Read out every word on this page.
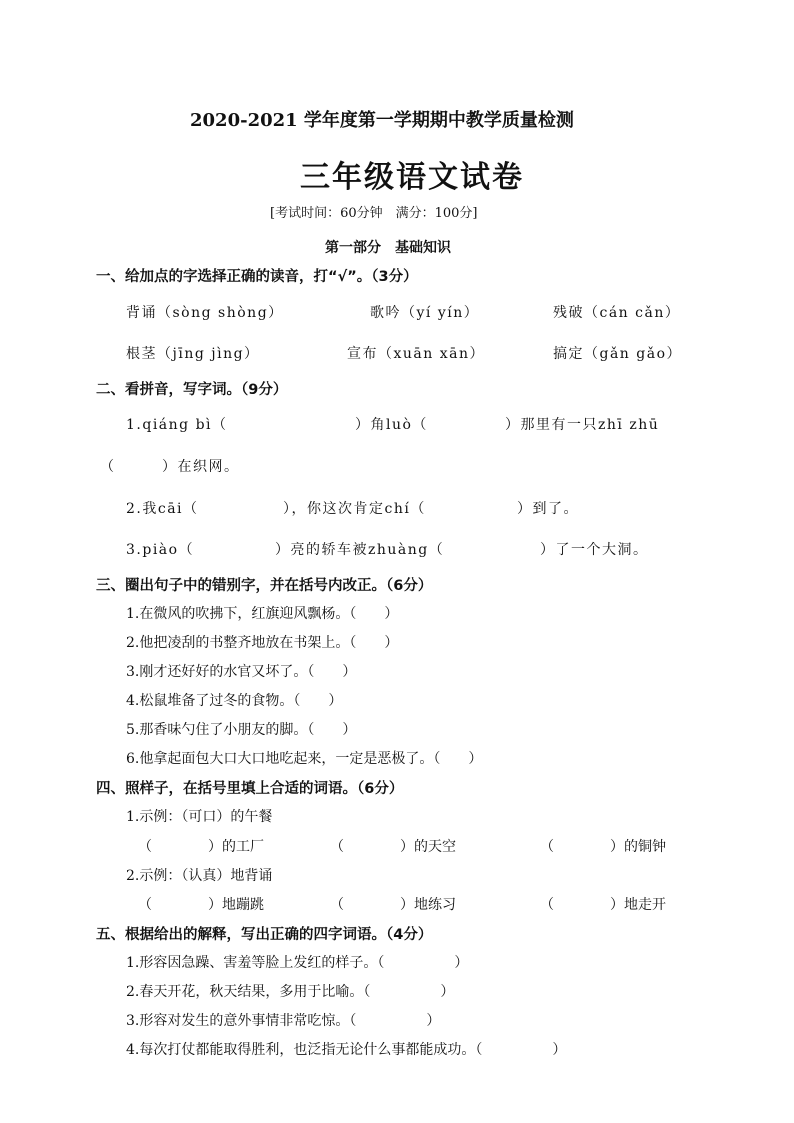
2020-2021 学年度第一学期期中教学质量检测
三年级语文试卷
[考试时间：60分钟　满分：100分]
第一部分　基础知识
一、给加点的字选择正确的读音，打“√”。（3分）
背诵（sòng shòng）	歌吟（yí yín）	残破（cán cǎn）
根茎（jīng jìng）	宣布（xuān xān）	搞定（gǎn gǎo）
二、看拼音，写字词。（9分）
1.qiáng bì（	）角luò（	）那里有一只zhī zhū
（	）在织网。
2.我cāi（	），你这次肯定chí（	）到了。
3.piào（	）亮的轿车被zhuàng（	）了一个大洞。
三、圈出句子中的错别字，并在括号内改正。（6分）
1.在微风的吹拂下，红旗迎风飘杨。（　　）
2.他把凌刮的书整齐地放在书架上。（　　）
3.刚才还好好的水官又坏了。（　　）
4.松鼠堆备了过冬的食物。（　　）
5.那香味勺住了小朋友的脚。（　　）
6.他拿起面包大口大口地吃起来，一定是恶极了。（　　）
四、照样子，在括号里填上合适的词语。（6分）
1.示例：（可口）的午餐
（　　　　）的工厂	（　　　　）的天空	（　　　　）的铜钟
2.示例：（认真）地背诵
（　　　　）地蹦跳	（　　　　）地练习	（　　　　）地走开
五、根据给出的解释，写出正确的四字词语。（4分）
1.形容因急躁、害羞等脸上发红的样子。（　　　　　）
2.春天开花，秋天结果，多用于比喻。（　　　　　）
3.形容对发生的意外事情非常吃惊。（　　　　　）
4.每次打仗都能取得胜利，也泛指无论什么事都能成功。（　　　　　）
